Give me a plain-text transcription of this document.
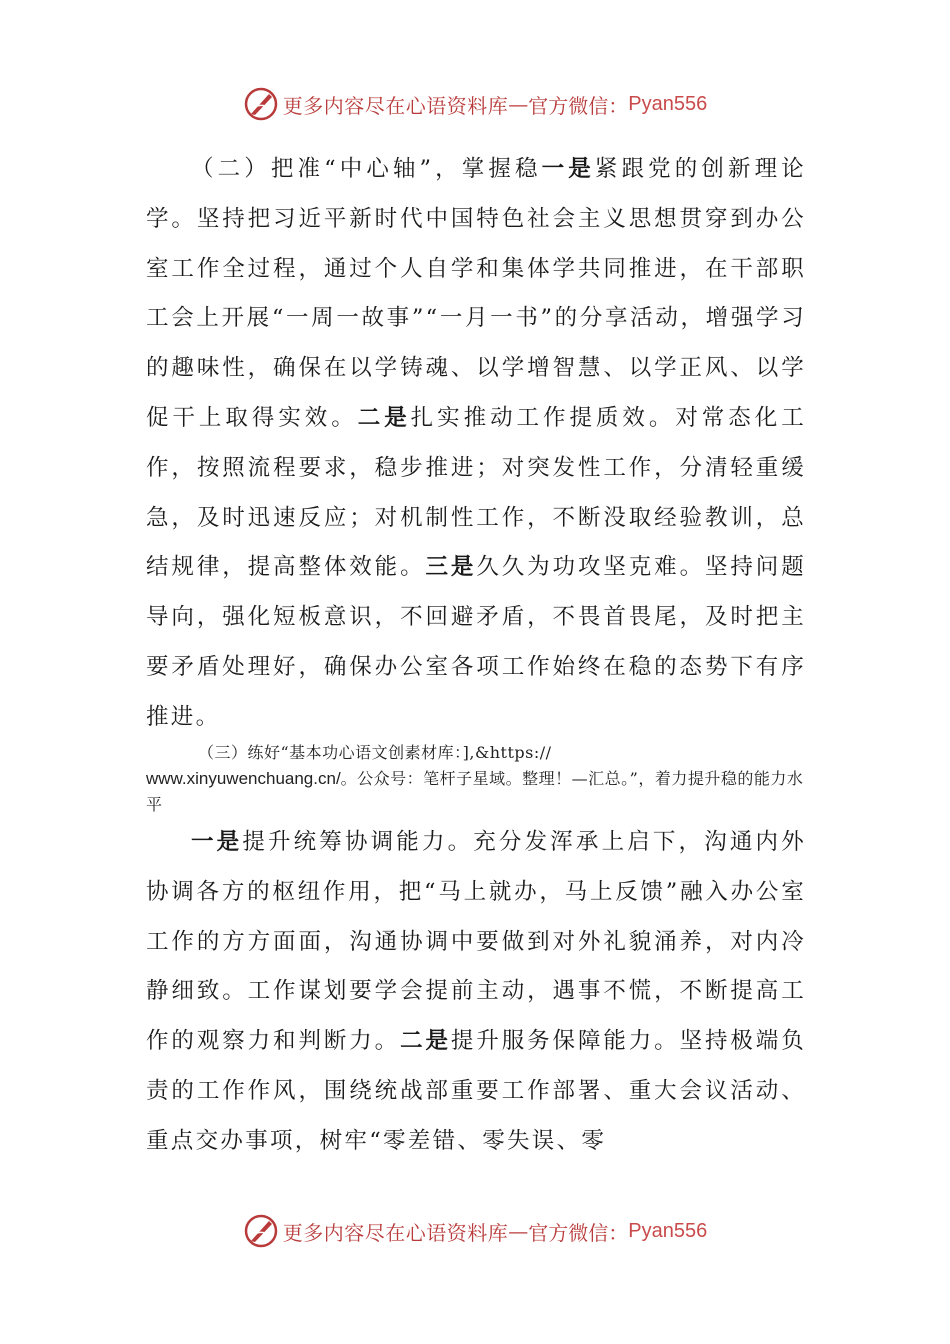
更多内容尽在心语资料库 — 官方微信： Pyan556

（二）把准“中心轴”，掌握稳一是紧跟党的创新理论学。坚持把习近平新时代中国特色社会主义思想贯穿到办公室工作全过程，通过个人自学和集体学共同推进，在干部职工会上开展“一周一故事”“一月一书”的分享活动，增强学习的趣味性，确保在以学铸魂、以学增智慧、以学正风、以学促干上取得实效。二是扎实推动工作提质效。对常态化工作，按照流程要求，稳步推进；对突发性工作，分清轻重缓急，及时迅速反应；对机制性工作，不断没取经验教训，总结规律，提高整体效能。三是久久为功攻坚克难。坚持问题导向，强化短板意识，不回避矛盾，不畏首畏尾，及时把主要矛盾处理好，确保办公室各项工作始终在稳的态势下有序推进。

（三）练好“基本功心语文创素材库：],&https://
www.xinyuwenchuang.cn/。公众号：笔杆子星域。整理！—汇总。”，着力提升稳的能力水平

一是提升统筹协调能力。充分发浑承上启下，沟通内外协调各方的枢纽作用，把“马上就办，马上反馈”融入办公室工作的方方面面，沟通协调中要做到对外礼貌涌养，对内冷静细致。工作谋划要学会提前主动，遇事不慌，不断提高工作的观察力和判断力。二是提升服务保障能力。坚持极端负责的工作作风，围绕统战部重要工作部署、重大会议活动、重点交办事项，树牢“零差错、零失误、零

更多内容尽在心语资料库 — 官方微信： Pyan556
